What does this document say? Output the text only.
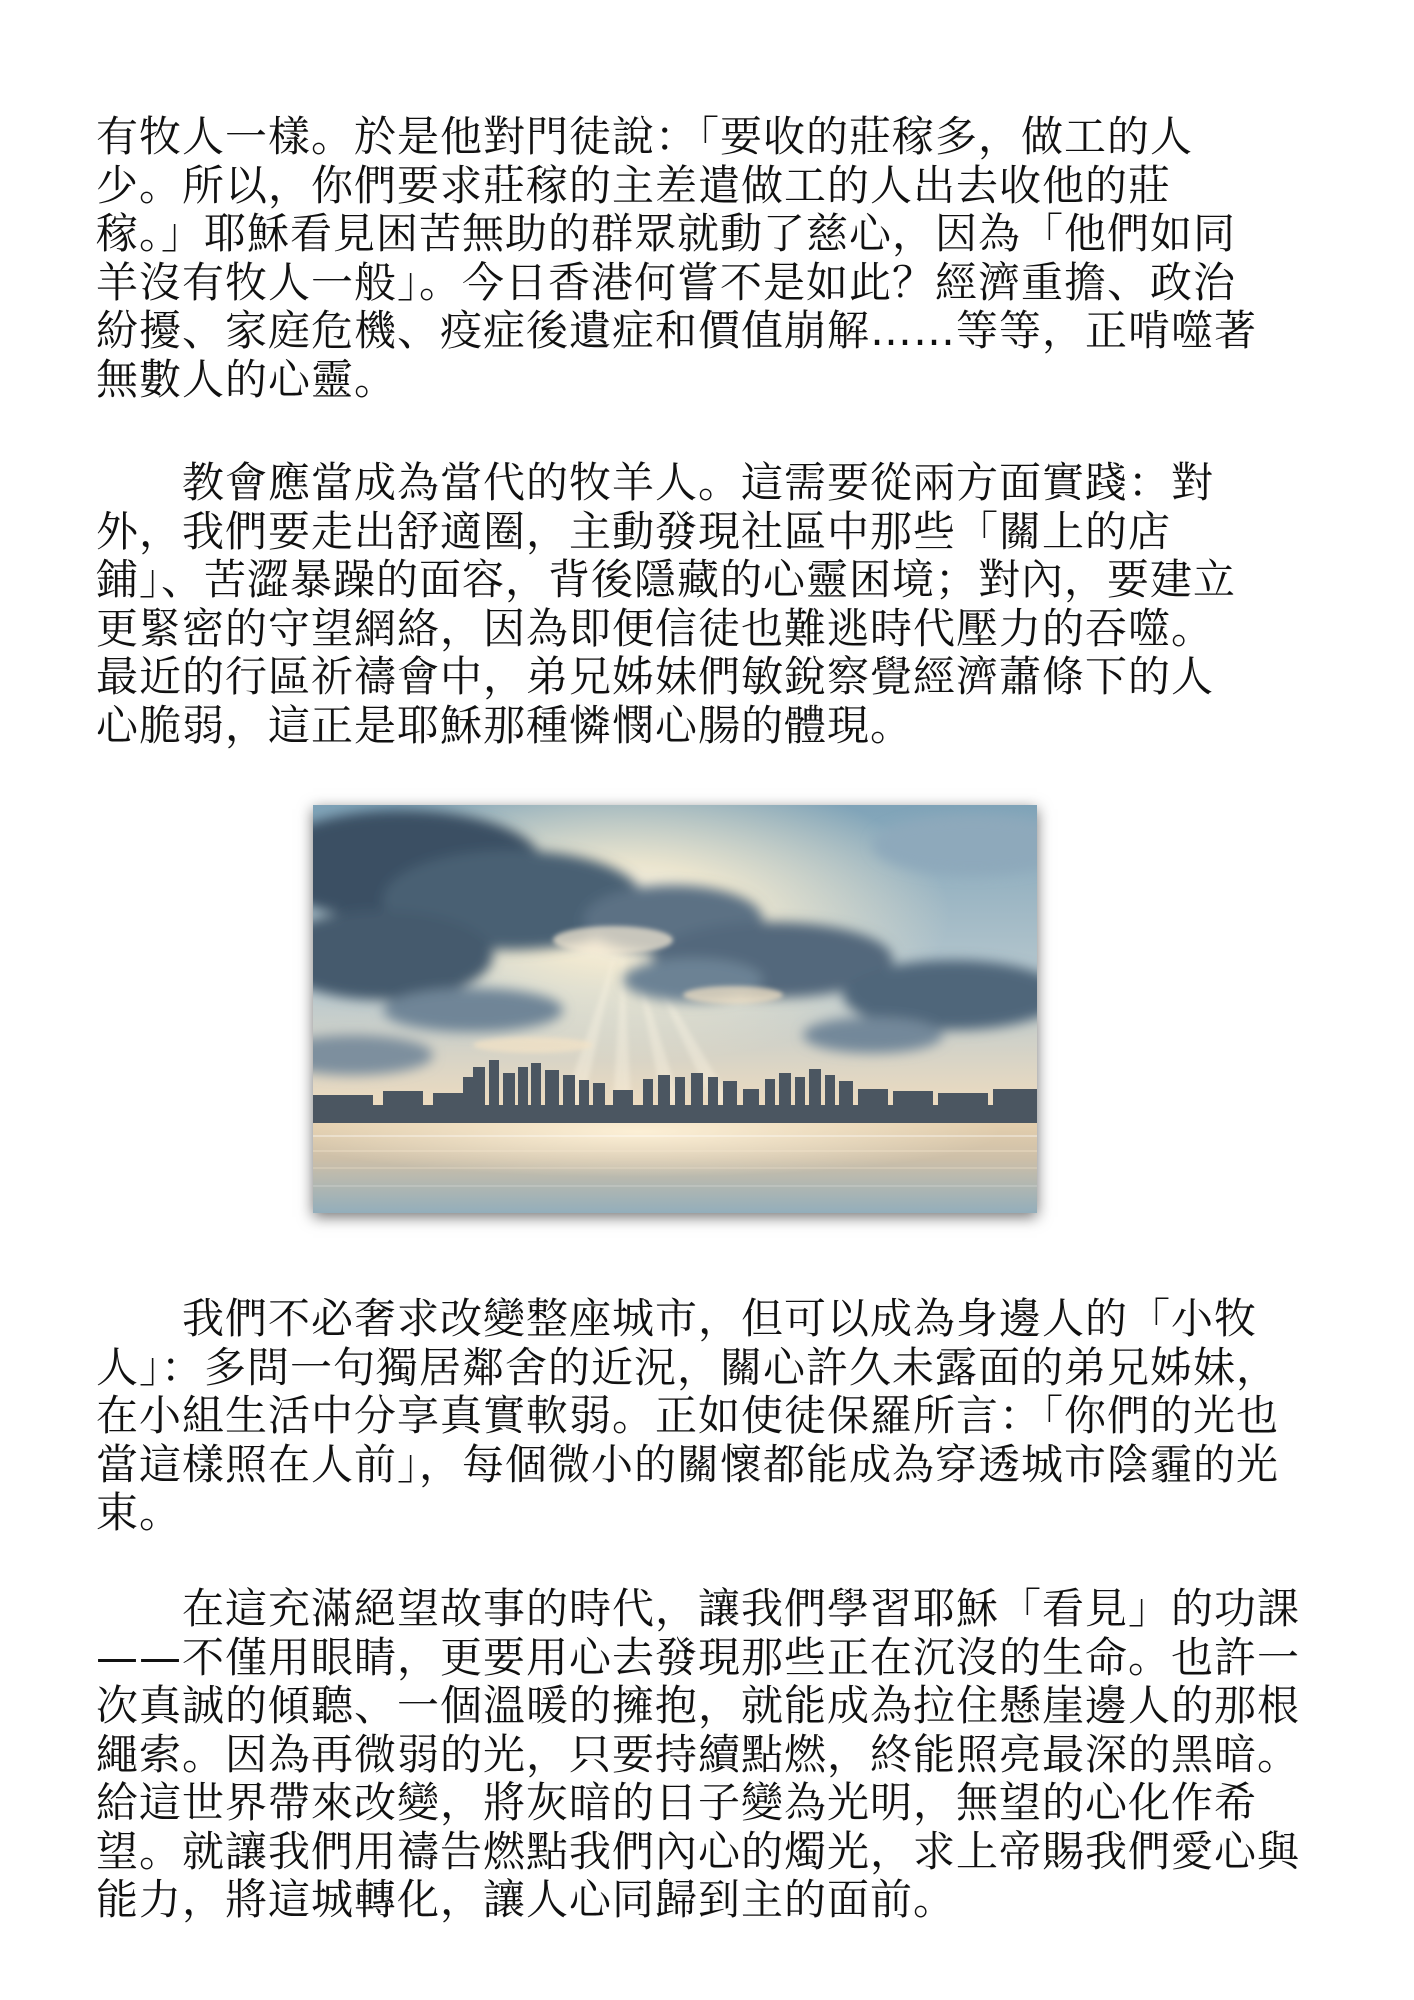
有牧人一樣。於是他對門徒說：「要收的莊稼多，做工的人
少。所以，你們要求莊稼的主差遣做工的人出去收他的莊
稼。」耶穌看見困苦無助的群眾就動了慈心，因為「他們如同
羊沒有牧人一般」。今日香港何嘗不是如此？經濟重擔、政治
紛擾、家庭危機、疫症後遺症和價值崩解……等等，正啃噬著
無數人的心靈。

　　教會應當成為當代的牧羊人。這需要從兩方面實踐：對
外，我們要走出舒適圈，主動發現社區中那些「關上的店
鋪」、苦澀暴躁的面容，背後隱藏的心靈困境；對內，要建立
更緊密的守望網絡，因為即便信徒也難逃時代壓力的吞噬。
最近的行區祈禱會中，弟兄姊妹們敏銳察覺經濟蕭條下的人
心脆弱，這正是耶穌那種憐憫心腸的體現。

　　我們不必奢求改變整座城市，但可以成為身邊人的「小牧
人」：多問一句獨居鄰舍的近況，關心許久未露面的弟兄姊妹，
在小組生活中分享真實軟弱。正如使徒保羅所言：「你們的光也
當這樣照在人前」，每個微小的關懷都能成為穿透城市陰霾的光
束。

　　在這充滿絕望故事的時代，讓我們學習耶穌「看見」的功課
——不僅用眼睛，更要用心去發現那些正在沉沒的生命。也許一
次真誠的傾聽、一個溫暖的擁抱，就能成為拉住懸崖邊人的那根
繩索。因為再微弱的光，只要持續點燃，終能照亮最深的黑暗。
給這世界帶來改變，將灰暗的日子變為光明，無望的心化作希
望。就讓我們用禱告燃點我們內心的燭光，求上帝賜我們愛心與
能力，將這城轉化，讓人心同歸到主的面前。
